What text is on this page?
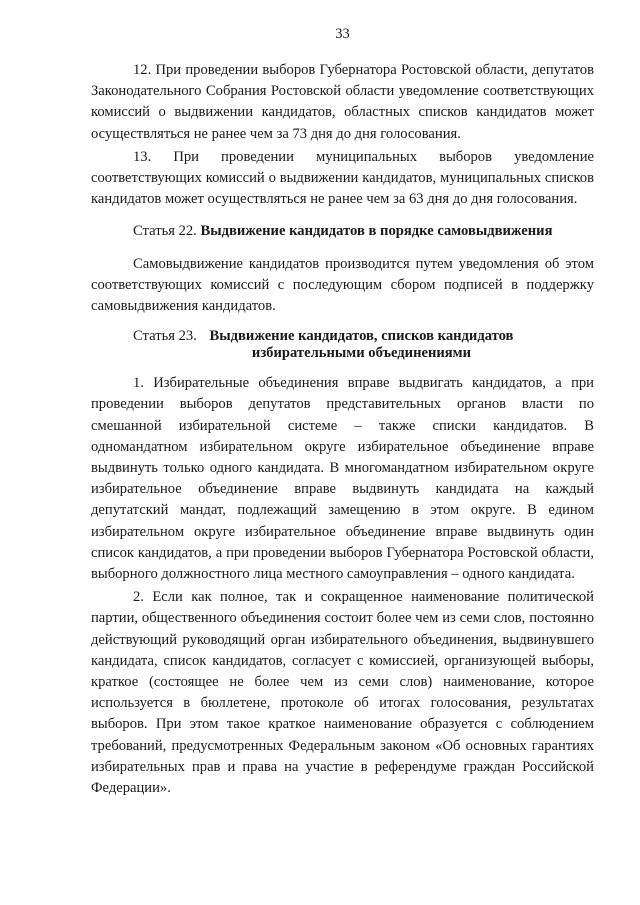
33

12. При проведении выборов Губернатора Ростовской области, депутатов Законодательного Собрания Ростовской области уведомление соответствующих комиссий о выдвижении кандидатов, областных списков кандидатов может осуществляться не ранее чем за 73 дня до дня голосования.

13. При проведении муниципальных выборов уведомление соответствующих комиссий о выдвижении кандидатов, муниципальных списков кандидатов может осуществляться не ранее чем за 63 дня до дня голосования.

Статья 22. Выдвижение кандидатов в порядке самовыдвижения

Самовыдвижение кандидатов производится путем уведомления об этом соответствующих комиссий с последующим сбором подписей в поддержку самовыдвижения кандидатов.

Статья 23. Выдвижение кандидатов, списков кандидатов избирательными объединениями

1. Избирательные объединения вправе выдвигать кандидатов, а при проведении выборов депутатов представительных органов власти по смешанной избирательной системе – также списки кандидатов. В одномандатном избирательном округе избирательное объединение вправе выдвинуть только одного кандидата. В многомандатном избирательном округе избирательное объединение вправе выдвинуть кандидата на каждый депутатский мандат, подлежащий замещению в этом округе. В едином избирательном округе избирательное объединение вправе выдвинуть один список кандидатов, а при проведении выборов Губернатора Ростовской области, выборного должностного лица местного самоуправления – одного кандидата.

2. Если как полное, так и сокращенное наименование политической партии, общественного объединения состоит более чем из семи слов, постоянно действующий руководящий орган избирательного объединения, выдвинувшего кандидата, список кандидатов, согласует с комиссией, организующей выборы, краткое (состоящее не более чем из семи слов) наименование, которое используется в бюллетене, протоколе об итогах голосования, результатах выборов. При этом такое краткое наименование образуется с соблюдением требований, предусмотренных Федеральным законом «Об основных гарантиях избирательных прав и права на участие в референдуме граждан Российской Федерации».
